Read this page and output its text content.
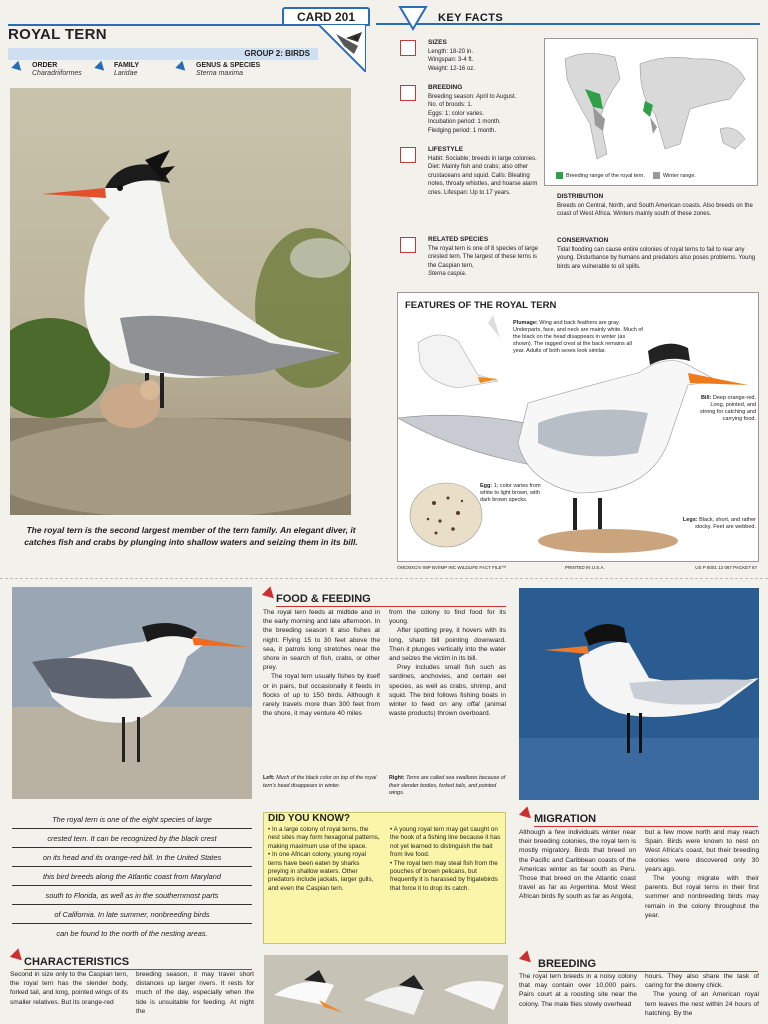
CARD 201
ROYAL TERN
GROUP 2: BIRDS
ORDER
Charadriiformes
FAMILY
Laridae
GENUS & SPECIES
Sterna maxima
The royal tern is the second largest member of the tern family. An elegant diver, it catches fish and crabs by plunging into shallow waters and seizing them in its bill.
KEY FACTS
SIZES
Length: 18-20 in.
Wingspan: 3-4 ft.
Weight: 12-16 oz.
BREEDING
Breeding season: April to August.
No. of broods: 1.
Eggs: 1; color varies.
Incubation period: 1 month.
Fledging period: 1 month.
LIFESTYLE
Habit: Sociable; breeds in large colonies. Diet: Mainly fish and crabs; also other crustaceans and squid. Calls: Bleating notes, throaty whistles, and hoarse alarm cries. Lifespan: Up to 17 years.
RELATED SPECIES
The royal tern is one of 8 species of large crested tern. The largest of these terns is the Caspian tern,
Sterna caspia.
Breeding range of the royal tern.	Winter range.
DISTRIBUTION
Breeds on Central, North, and South American coasts. Also breeds on the coast of West Africa. Winters mainly south of these zones.
CONSERVATION
Tidal flooding can cause entire colonies of royal terns to fail to rear any young. Disturbance by humans and predators also poses problems. Young birds are vulnerable to oil spills.
FEATURES OF THE ROYAL TERN
Plumage: Wing and back feathers are gray. Underparts, face, and neck are mainly white. Much of the black on the head disappears in winter (as shown). The ragged crest at the back remains all year. Adults of both sexes look similar.
Bill: Deep orange-red. Long, pointed, and strong for catching and carrying food.
Egg: 1; color varies from white to light brown, with dark brown specks.
Legs: Black, short, and rather stocky. Feet are webbed.
©MCMXCIV IMP BV/IMP INC WILDLIFE FACT FILE™	PRINTED IN U.S.A.	US P 6001 12 067 PACKET 67
FOOD & FEEDING
The royal tern feeds at midtide and in the early morning and late afternoon. In the breeding season it also fishes at night. Flying 15 to 30 feet above the sea, it patrols long stretches near the shore in search of fish, crabs, or other prey.
The royal tern usually fishes by itself or in pairs, but occasionally it feeds in flocks of up to 150 birds. Although it rarely travels more than 300 feet from the shore, it may venture 40 miles
from the colony to find food for its young.
After spotting prey, it hovers with its long, sharp bill pointing downward. Then it plunges vertically into the water and seizes the victim in its bill.
Prey includes small fish such as sardines, anchovies, and certain eel species, as well as crabs, shrimp, and squid. The bird follows fishing boats in winter to feed on any offal (animal waste products) thrown overboard.
Left: Much of the black color on top of the royal tern's head disappears in winter.
Right: Terns are called sea swallows because of their slender bodies, forked tails, and pointed wings.
The royal tern is one of the eight species of large
crested tern. It can be recognized by the black crest
on its head and its orange-red bill. In the United States
this bird breeds along the Atlantic coast from Maryland
south to Florida, as well as in the southernmost parts
of California. In late summer, nonbreeding birds
can be found to the north of the nesting areas.
DID YOU KNOW?
• In a large colony of royal terns, the nest sites may form hexagonal patterns, making maximum use of the space.
• In one African colony, young royal terns have been eaten by sharks preying in shallow waters. Other predators include jackals, larger gulls, and even the Caspian tern.
• A young royal tern may get caught on the hook of a fishing line because it has not yet learned to distinguish the bait from live food.
• The royal tern may steal fish from the pouches of brown pelicans, but frequently it is harassed by frigatebirds that force it to drop its catch.
MIGRATION
Although a few individuals winter near their breeding colonies, the royal tern is mostly migratory. Birds that breed on the Pacific and Caribbean coasts of the Americas winter as far south as Peru. Those that breed on the Atlantic coast travel as far as Argentina. Most West African birds fly south as far as Angola,
but a few move north and may reach Spain. Birds were known to nest on West Africa's coast, but their breeding colonies were discovered only 30 years ago.
The young migrate with their parents. But royal terns in their first summer and nonbreeding birds may remain in the colony throughout the year.
CHARACTERISTICS
Second in size only to the Caspian tern, the royal tern has the slender body, forked tail, and long, pointed wings of its smaller relatives. But its orange-red
breeding season, it may travel short distances up larger rivers. It rests for much of the day, especially when the tide is unsuitable for feeding. At night the
BREEDING
The royal tern breeds in a noisy colony that may contain over 10,000 pairs. Pairs court at a roosting site near the colony. The male flies slowly overhead
hours. They also share the task of caring for the downy chick.
The young of an American royal tern leaves the nest within 24 hours of hatching. By the
